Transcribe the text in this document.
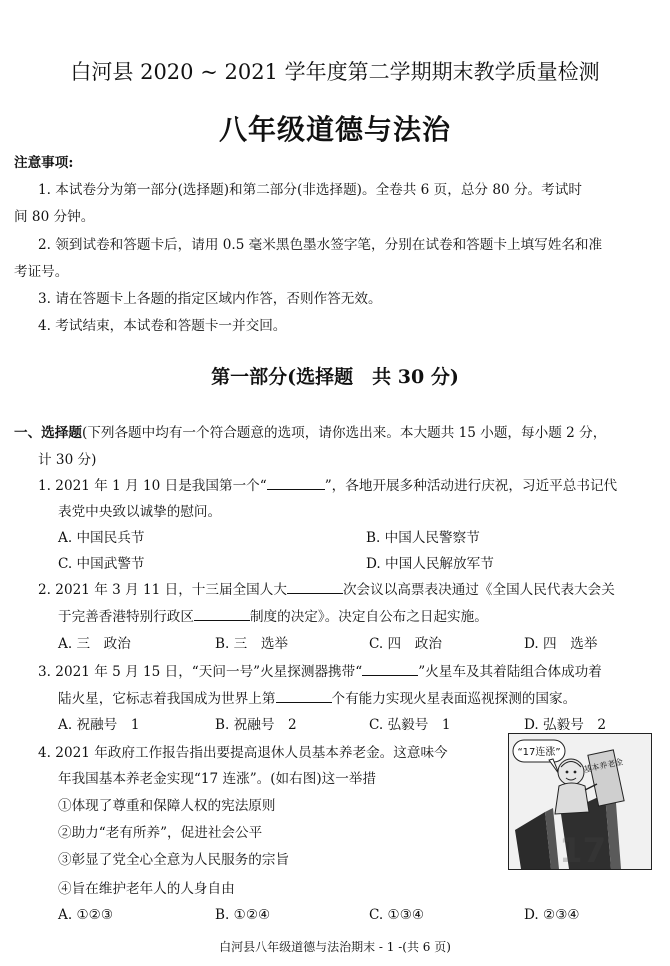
白河县 2020 ~ 2021 学年度第二学期期末教学质量检测
八年级道德与法治
注意事项:
1. 本试卷分为第一部分(选择题)和第二部分(非选择题)。全卷共 6 页，总分 80 分。考试时
间 80 分钟。
2. 领到试卷和答题卡后，请用 0.5 毫米黑色墨水签字笔，分别在试卷和答题卡上填写姓名和准
考证号。
3. 请在答题卡上各题的指定区域内作答，否则作答无效。
4. 考试结束，本试卷和答题卡一并交回。
第一部分(选择题　共 30 分)
一、选择题(下列各题中均有一个符合题意的选项，请你选出来。本大题共 15 小题，每小题 2 分，
计 30 分)
1. 2021 年 1 月 10 日是我国第一个“	”，各地开展多种活动进行庆祝，习近平总书记代
表党中央致以诚挚的慰问。
A. 中国民兵节	B. 中国人民警察节
C. 中国武警节	D. 中国人民解放军节
2. 2021 年 3 月 11 日，十三届全国人大	次会议以高票表决通过《全国人民代表大会关
于完善香港特别行政区	制度的决定》。决定自公布之日起实施。
A. 三　政治	B. 三　选举	C. 四　政治	D. 四　选举
3. 2021 年 5 月 15 日，“天问一号”火星探测器携带“	”火星车及其着陆组合体成功着
陆火星，它标志着我国成为世界上第	个有能力实现火星表面巡视探测的国家。
A. 祝融号　1	B. 祝融号　2	C. 弘毅号　1	D. 弘毅号　2
4. 2021 年政府工作报告指出要提高退休人员基本养老金。这意味今
年我国基本养老金实现“17 连涨”。(如右图)这一举措
①体现了尊重和保障人权的宪法原则
②助力“老有所养”，促进社会公平
③彰显了党全心全意为人民服务的宗旨
④旨在维护老年人的人身自由
A. ①②③	B. ①②④	C. ①③④	D. ②③④
“17连涨”
基本养老金
17
白河县八年级道德与法治期末 - 1 -(共 6 页)
